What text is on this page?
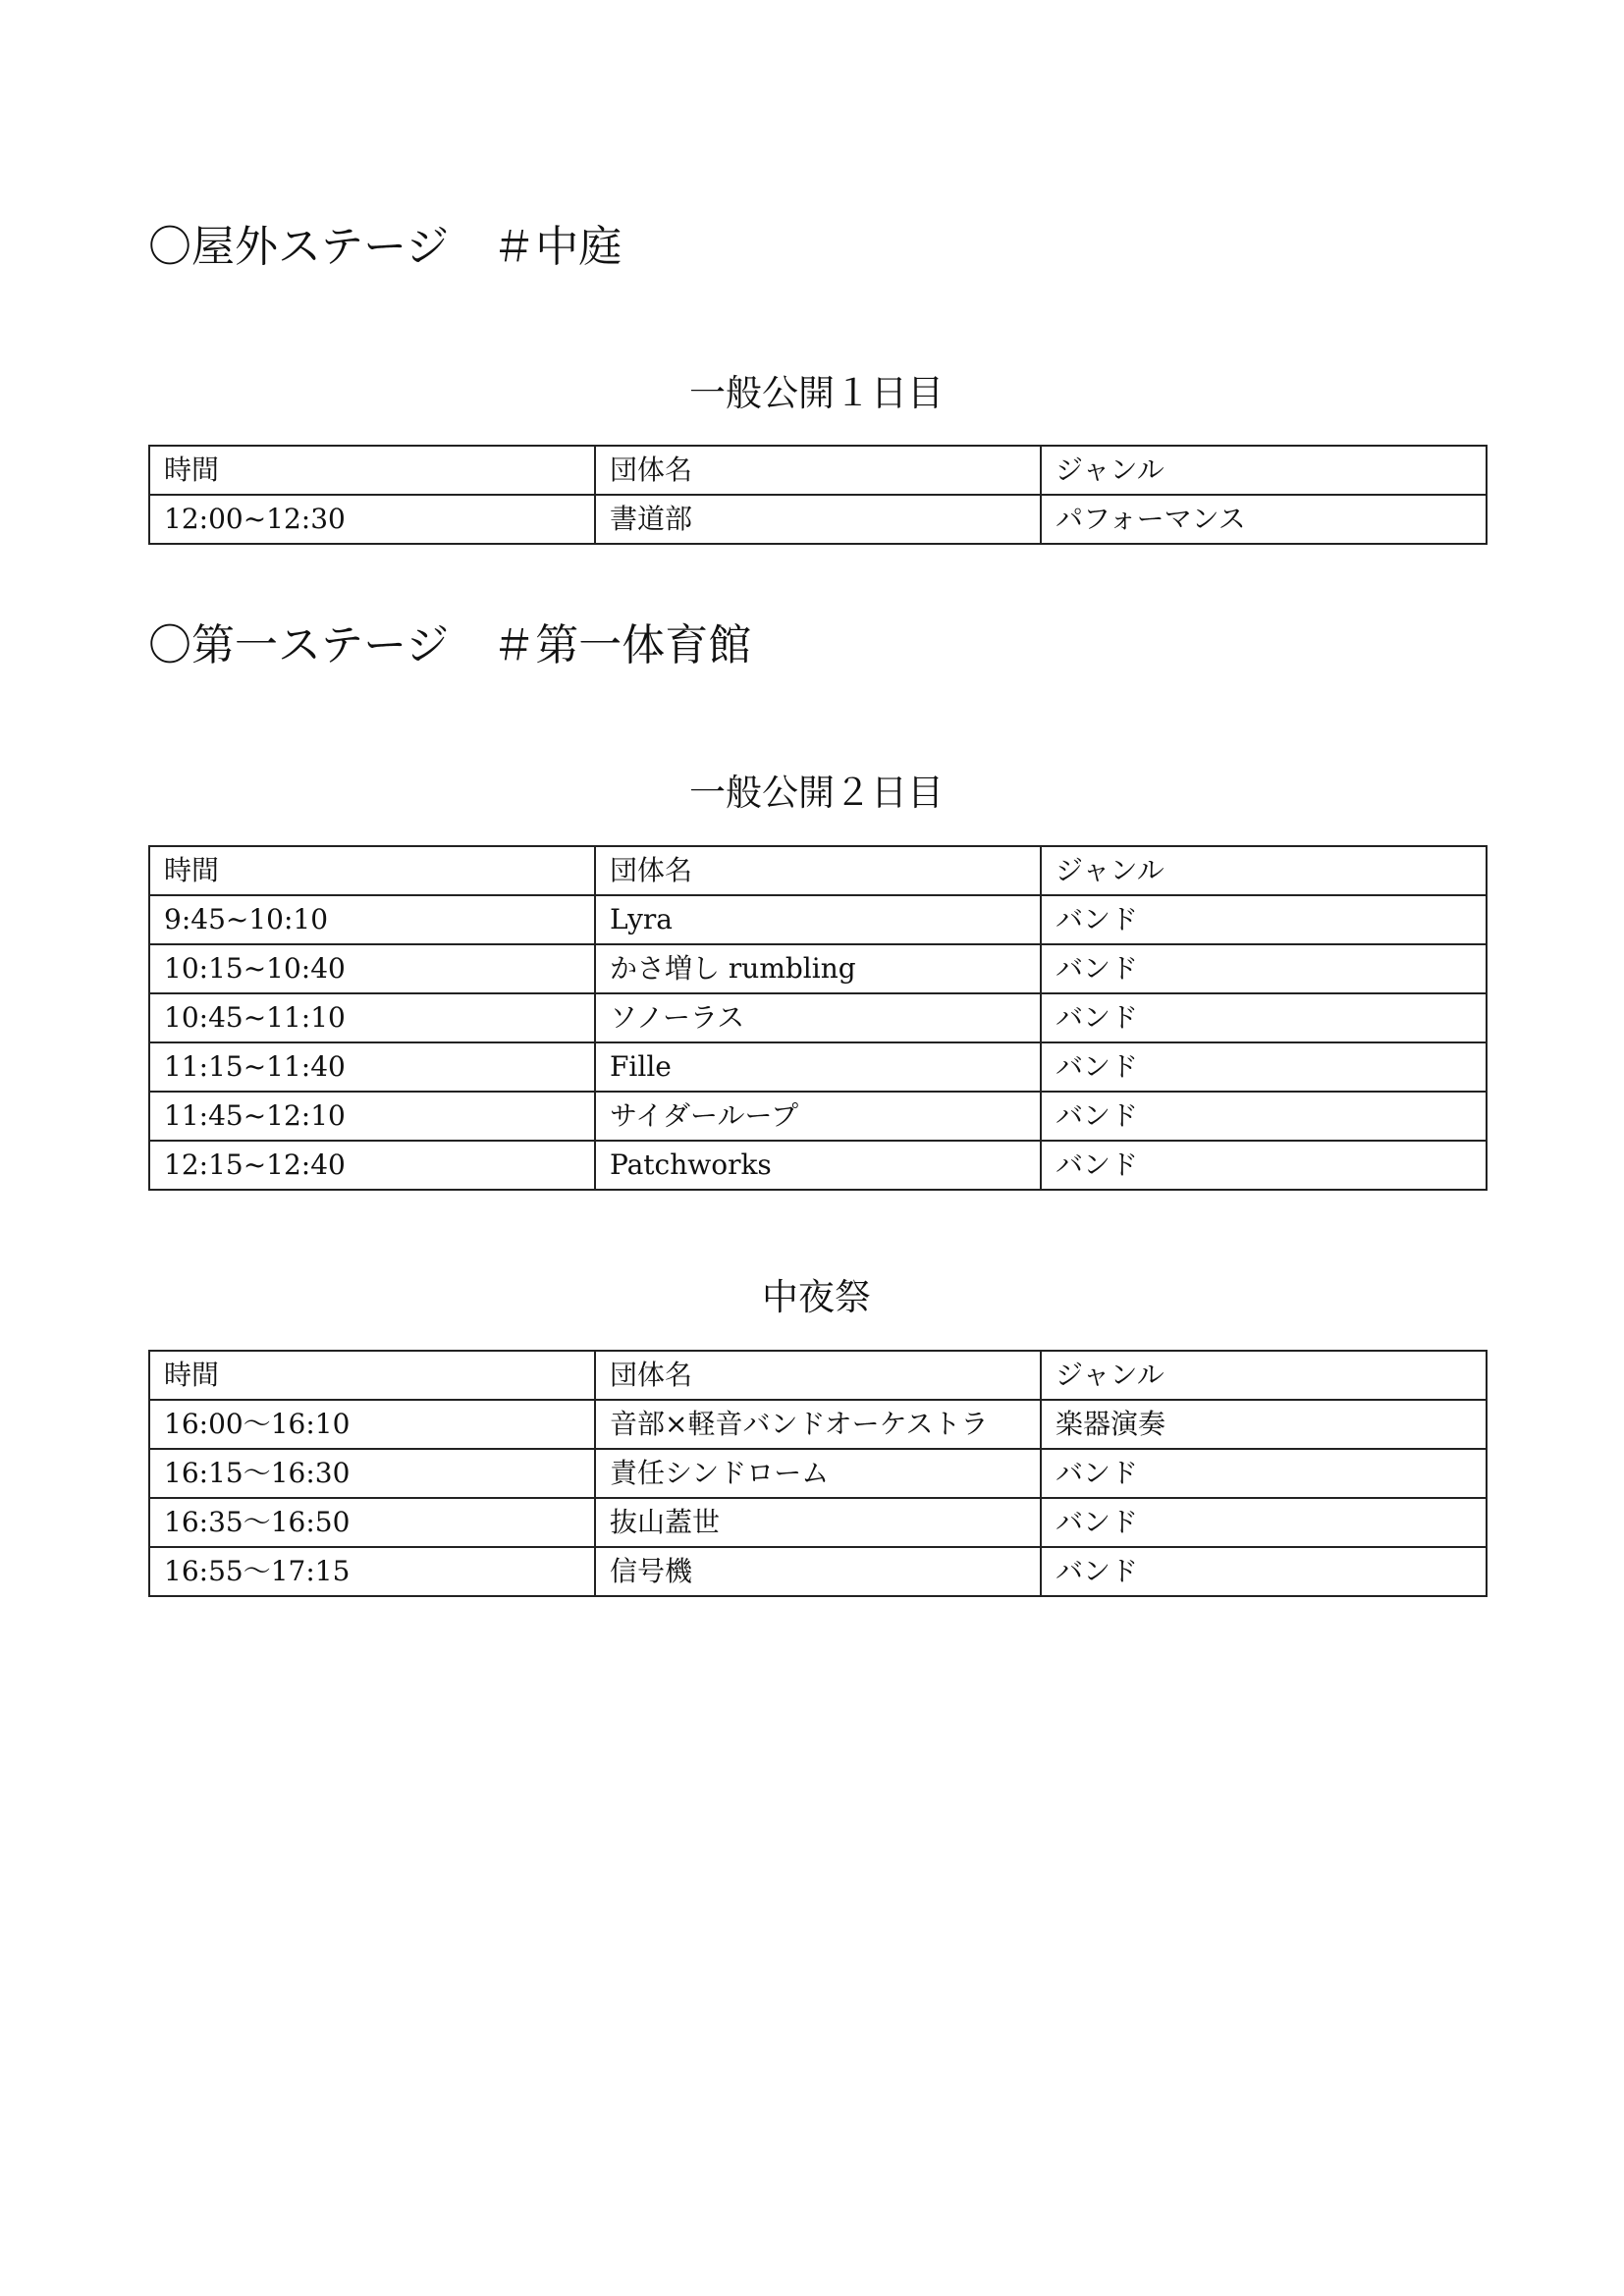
〇屋外ステージ　＃中庭
一般公開１日目
時間	団体名	ジャンル
12:00~12:30	書道部	パフォーマンス
〇第一ステージ　＃第一体育館
一般公開２日目
時間	団体名	ジャンル
9:45~10:10	Lyra	バンド
10:15~10:40	かさ増し rumbling	バンド
10:45~11:10	ソノーラス	バンド
11:15~11:40	Fille	バンド
11:45~12:10	サイダーループ	バンド
12:15~12:40	Patchworks	バンド
中夜祭
時間	団体名	ジャンル
16:00～16:10	音部×軽音バンドオーケストラ	楽器演奏
16:15～16:30	責任シンドローム	バンド
16:35～16:50	抜山蓋世	バンド
16:55～17:15	信号機	バンド
